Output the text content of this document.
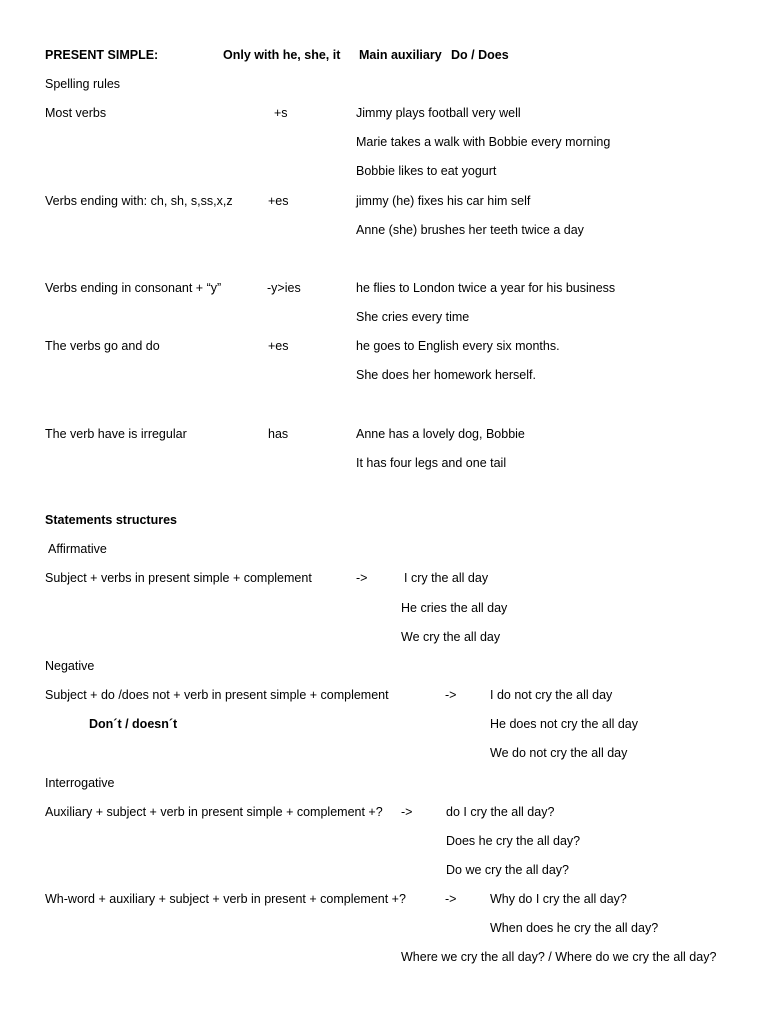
PRESENT SIMPLE:	Only with he, she, it Main auxiliary Do / Does
Spelling rules
Most verbs	+s	Jimmy plays football very well
Marie takes a walk with Bobbie every morning
Bobbie likes to eat yogurt
Verbs ending with: ch, sh, s,ss,x,z	+es	jimmy (he) fixes his car him self
Anne (she) brushes her teeth twice a day
Verbs ending in consonant + “y”	-y>ies	he flies to London twice a year for his business
She cries every time
The verbs go and do	+es	he goes to English every six months.
She does her homework herself.
The verb have is irregular	has	Anne has a lovely dog, Bobbie
It has four legs and one tail
Statements structures
Affirmative
Subject + verbs in present simple + complement	->	I cry the all day
He cries the all day
We cry the all day
Negative
Subject + do /does not + verb in present simple + complement	->	I do not cry the all day
Don´t / doesn´t	He does not cry the all day
We do not cry the all day
Interrogative
Auxiliary + subject + verb in present simple + complement +? ->	do I cry the all day?
Does he cry the all day?
Do we cry the all day?
Wh-word + auxiliary + subject + verb in present + complement +?	->	Why do I cry the all day?
When does he cry the all day?
Where we cry the all day? / Where do we cry the all day?
